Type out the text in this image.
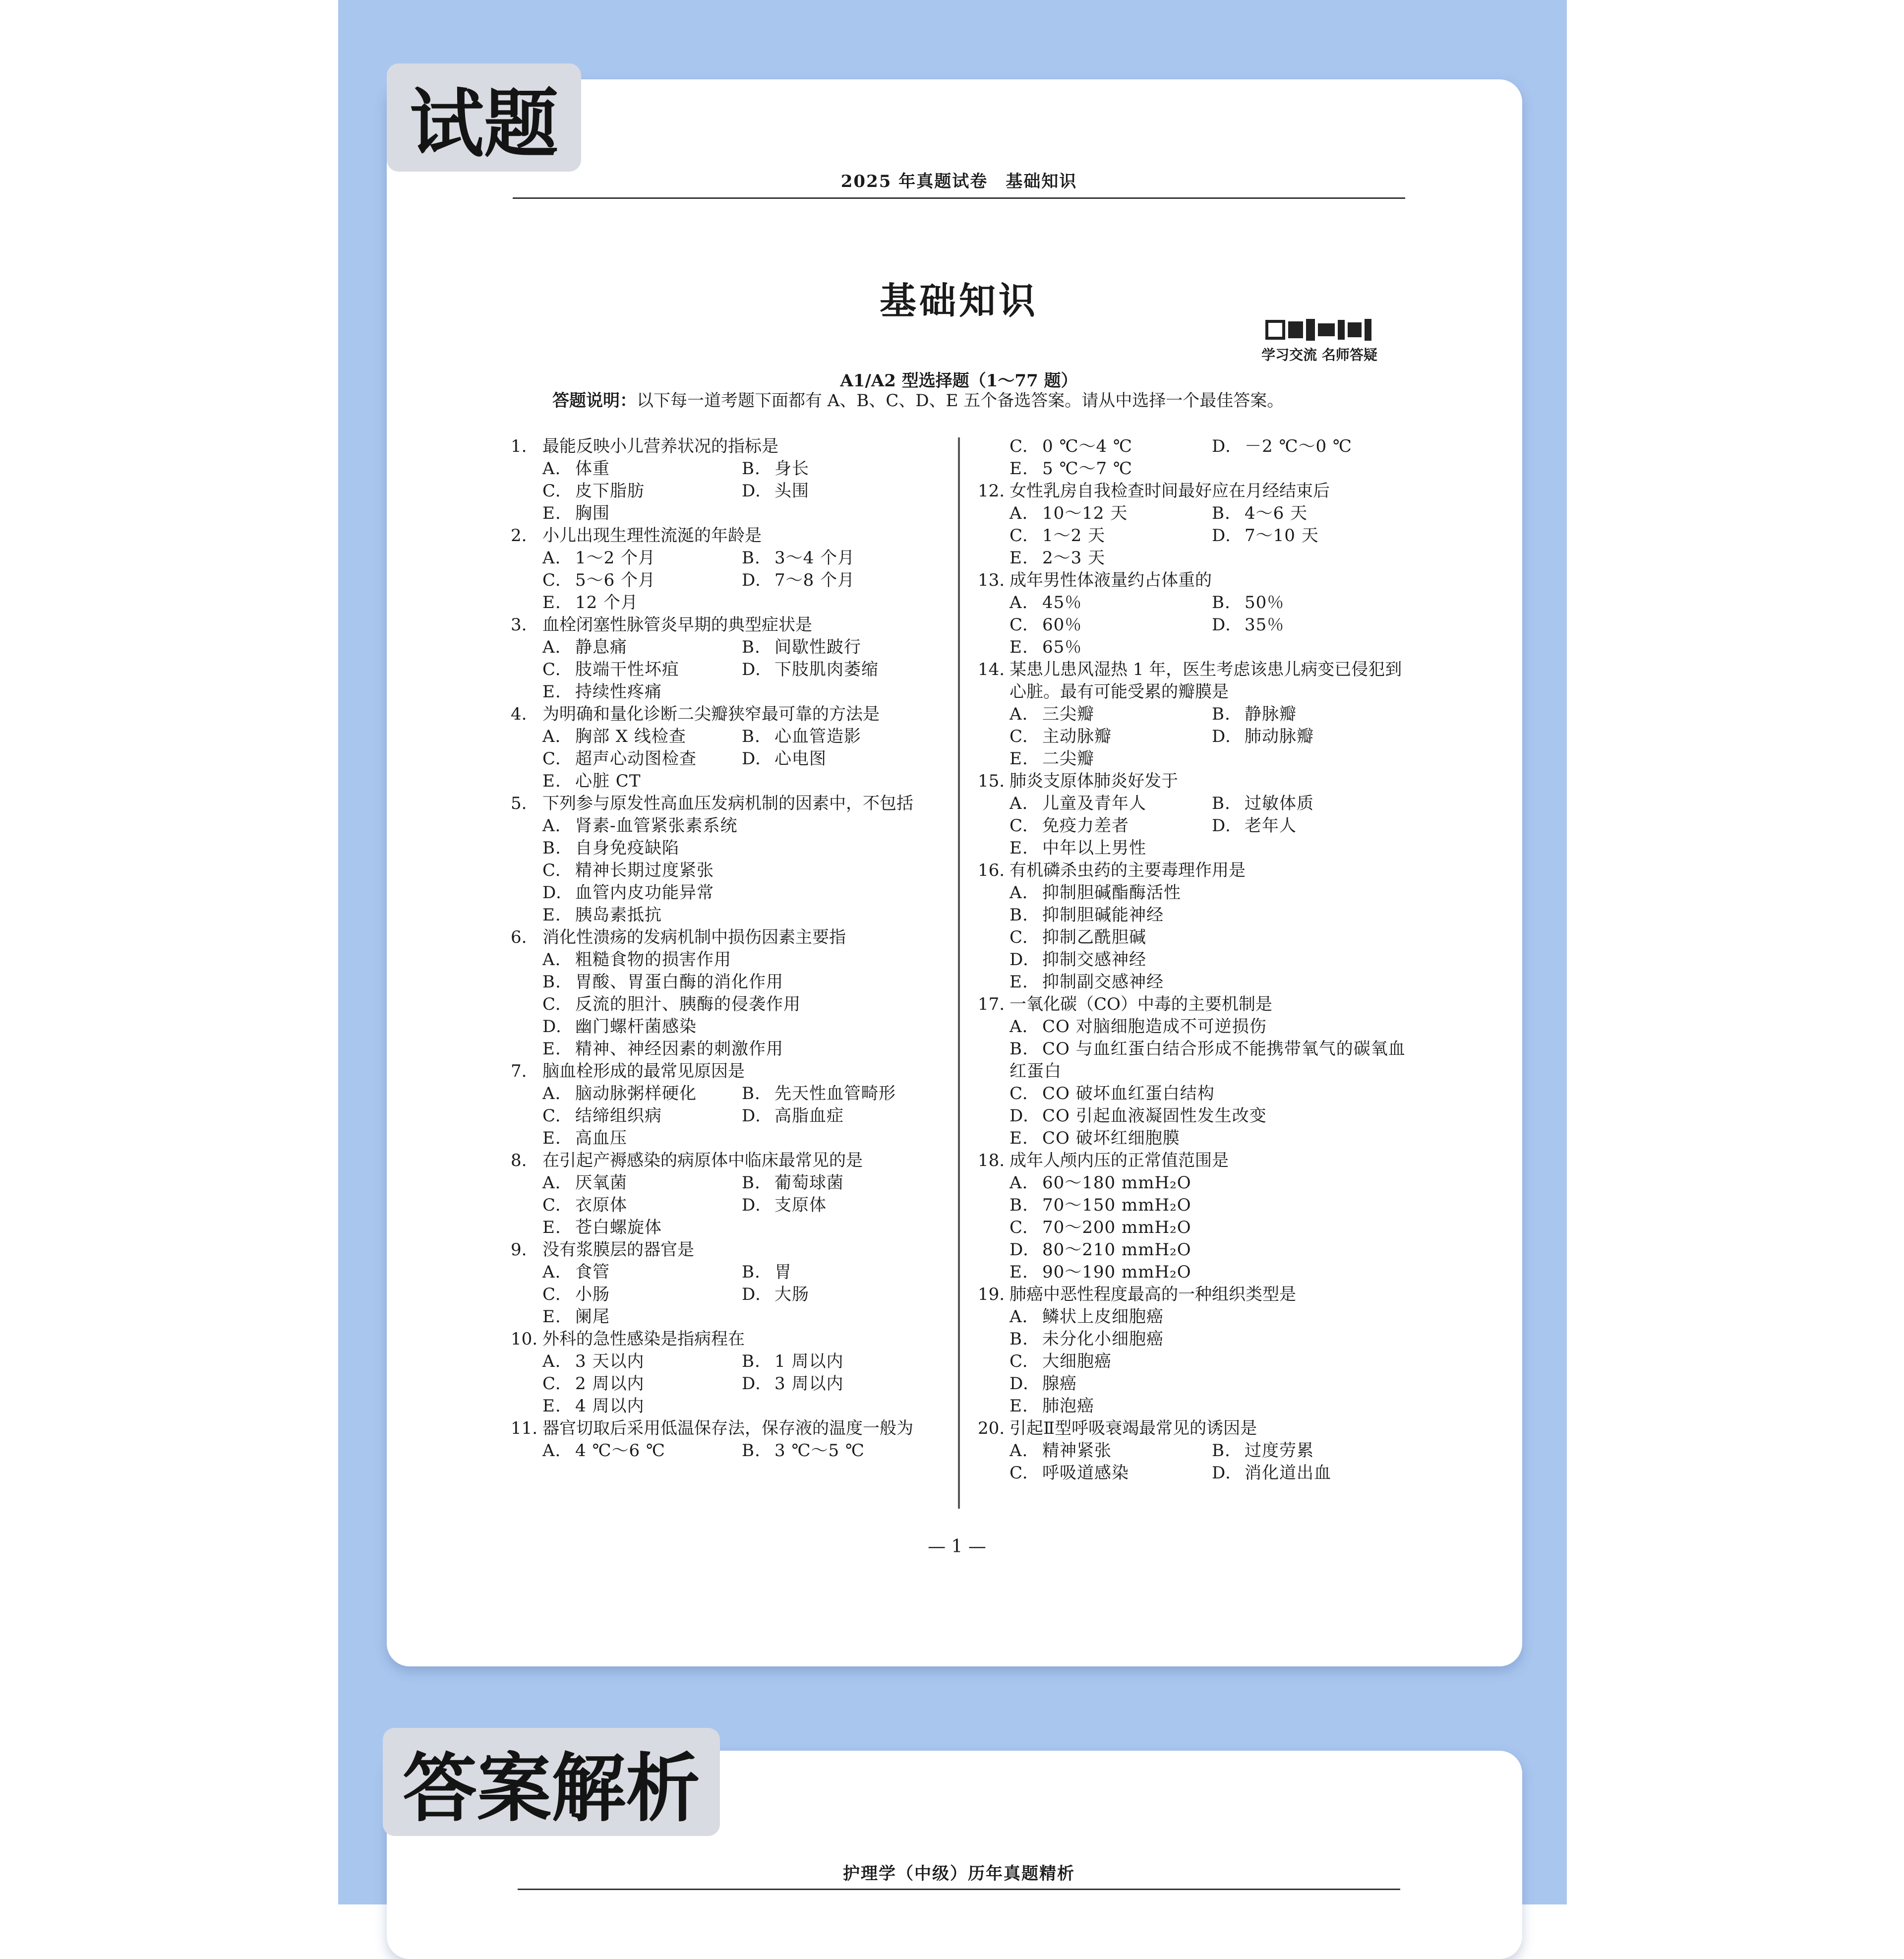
试题
答案解析
2025 年真题试卷　基础知识
基础知识
学习交流 名师答疑
A1/A2 型选择题（1～77 题）
答题说明：以下每一道考题下面都有 A、B、C、D、E 五个备选答案。请从中选择一个最佳答案。
1. 最能反映小儿营养状况的指标是
A. 体重	B. 身长
C. 皮下脂肪	D. 头围
E. 胸围
2. 小儿出现生理性流涎的年龄是
A. 1～2 个月	B. 3～4 个月
C. 5～6 个月	D. 7～8 个月
E. 12 个月
3. 血栓闭塞性脉管炎早期的典型症状是
A. 静息痛	B. 间歇性跛行
C. 肢端干性坏疽	D. 下肢肌肉萎缩
E. 持续性疼痛
4. 为明确和量化诊断二尖瓣狭窄最可靠的方法是
A. 胸部 X 线检查	B. 心血管造影
C. 超声心动图检查	D. 心电图
E. 心脏 CT
5. 下列参与原发性高血压发病机制的因素中，不包括
A. 肾素-血管紧张素系统
B. 自身免疫缺陷
C. 精神长期过度紧张
D. 血管内皮功能异常
E. 胰岛素抵抗
6. 消化性溃疡的发病机制中损伤因素主要指
A. 粗糙食物的损害作用
B. 胃酸、胃蛋白酶的消化作用
C. 反流的胆汁、胰酶的侵袭作用
D. 幽门螺杆菌感染
E. 精神、神经因素的刺激作用
7. 脑血栓形成的最常见原因是
A. 脑动脉粥样硬化	B. 先天性血管畸形
C. 结缔组织病	D. 高脂血症
E. 高血压
8. 在引起产褥感染的病原体中临床最常见的是
A. 厌氧菌	B. 葡萄球菌
C. 衣原体	D. 支原体
E. 苍白螺旋体
9. 没有浆膜层的器官是
A. 食管	B. 胃
C. 小肠	D. 大肠
E. 阑尾
10. 外科的急性感染是指病程在
A. 3 天以内	B. 1 周以内
C. 2 周以内	D. 3 周以内
E. 4 周以内
11. 器官切取后采用低温保存法，保存液的温度一般为
A. 4 ℃～6 ℃	B. 3 ℃～5 ℃
C. 0 ℃～4 ℃	D. －2 ℃～0 ℃
E. 5 ℃～7 ℃
12. 女性乳房自我检查时间最好应在月经结束后
A. 10～12 天	B. 4～6 天
C. 1～2 天	D. 7～10 天
E. 2～3 天
13. 成年男性体液量约占体重的
A. 45％	B. 50％
C. 60％	D. 35％
E. 65％
14. 某患儿患风湿热 1 年，医生考虑该患儿病变已侵犯到心脏。最有可能受累的瓣膜是
A. 三尖瓣	B. 静脉瓣
C. 主动脉瓣	D. 肺动脉瓣
E. 二尖瓣
15. 肺炎支原体肺炎好发于
A. 儿童及青年人	B. 过敏体质
C. 免疫力差者	D. 老年人
E. 中年以上男性
16. 有机磷杀虫药的主要毒理作用是
A. 抑制胆碱酯酶活性
B. 抑制胆碱能神经
C. 抑制乙酰胆碱
D. 抑制交感神经
E. 抑制副交感神经
17. 一氧化碳（CO）中毒的主要机制是
A. CO 对脑细胞造成不可逆损伤
B. CO 与血红蛋白结合形成不能携带氧气的碳氧血红蛋白
C. CO 破坏血红蛋白结构
D. CO 引起血液凝固性发生改变
E. CO 破坏红细胞膜
18. 成年人颅内压的正常值范围是
A. 60～180 mmH₂O
B. 70～150 mmH₂O
C. 70～200 mmH₂O
D. 80～210 mmH₂O
E. 90～190 mmH₂O
19. 肺癌中恶性程度最高的一种组织类型是
A. 鳞状上皮细胞癌
B. 未分化小细胞癌
C. 大细胞癌
D. 腺癌
E. 肺泡癌
20. 引起Ⅱ型呼吸衰竭最常见的诱因是
A. 精神紧张	B. 过度劳累
C. 呼吸道感染	D. 消化道出血
— 1 —
护理学（中级）历年真题精析
